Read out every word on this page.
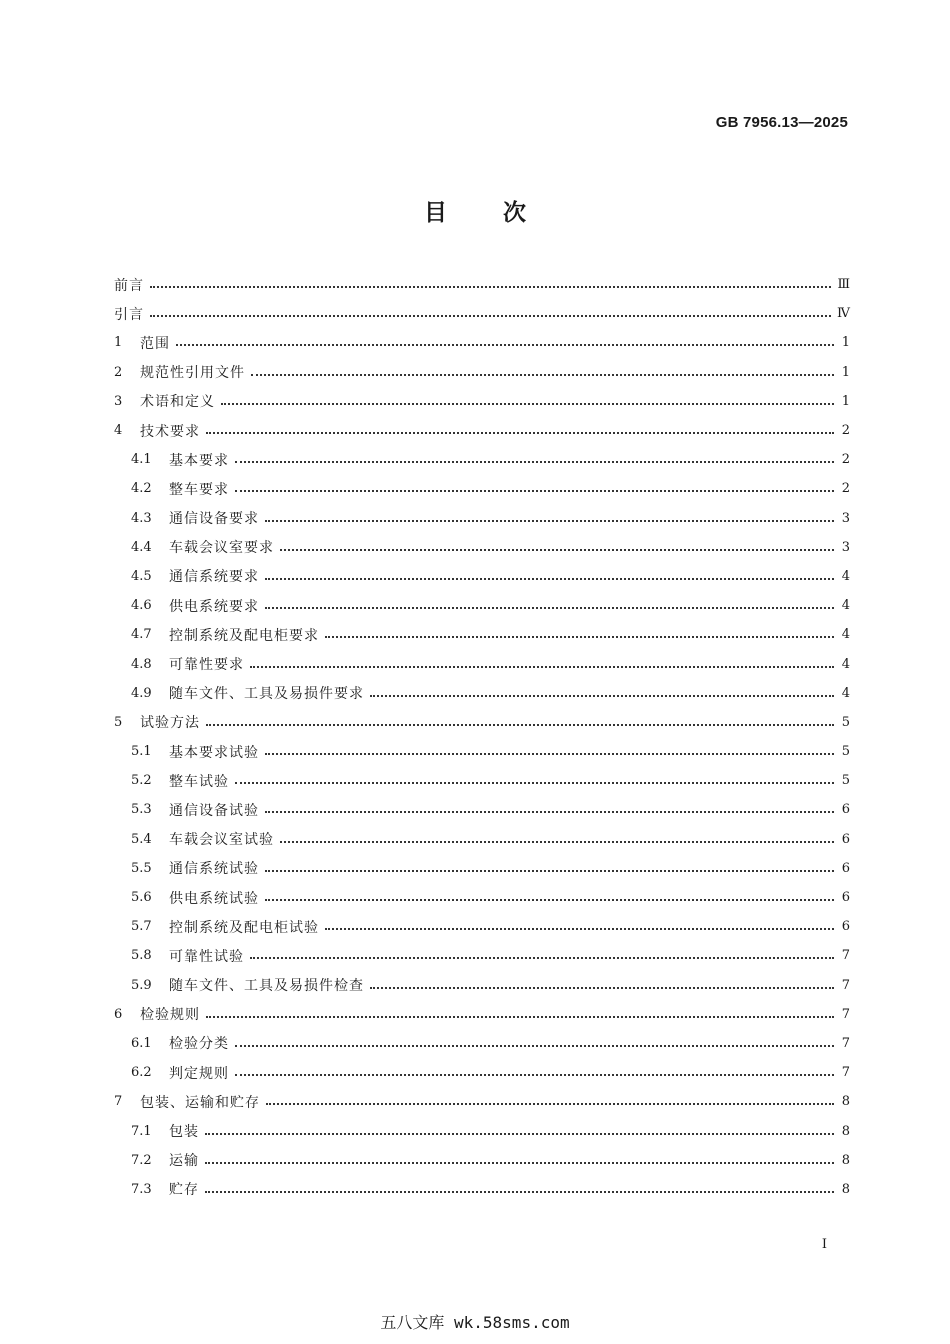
GB 7956.13—2025
目次
前言	Ⅲ
引言	Ⅳ
1	范围	1
2	规范性引用文件	1
3	术语和定义	1
4	技术要求	2
4.1	基本要求	2
4.2	整车要求	2
4.3	通信设备要求	3
4.4	车载会议室要求	3
4.5	通信系统要求	4
4.6	供电系统要求	4
4.7	控制系统及配电柜要求	4
4.8	可靠性要求	4
4.9	随车文件、工具及易损件要求	4
5	试验方法	5
5.1	基本要求试验	5
5.2	整车试验	5
5.3	通信设备试验	6
5.4	车载会议室试验	6
5.5	通信系统试验	6
5.6	供电系统试验	6
5.7	控制系统及配电柜试验	6
5.8	可靠性试验	7
5.9	随车文件、工具及易损件检查	7
6	检验规则	7
6.1	检验分类	7
6.2	判定规则	7
7	包装、运输和贮存	8
7.1	包装	8
7.2	运输	8
7.3	贮存	8
Ⅰ
五八文库 wk.58sms.com
